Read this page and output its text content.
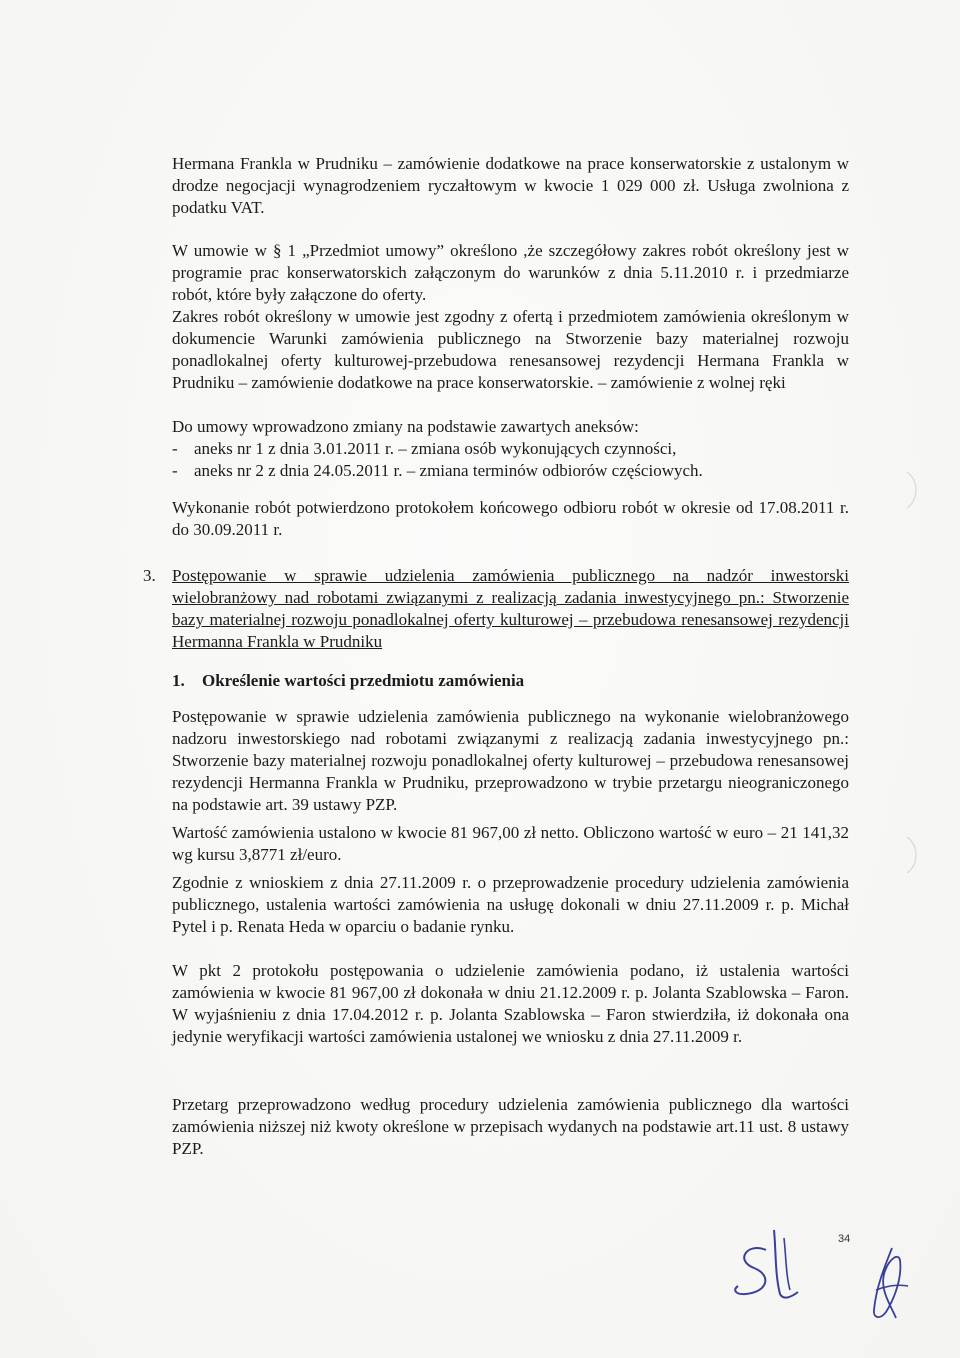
Hermana Frankla w Prudniku – zamówienie dodatkowe na prace konserwatorskie z ustalonym w drodze negocjacji wynagrodzeniem ryczałtowym w kwocie 1 029 000 zł. Usługa zwolniona z podatku VAT.

W umowie w § 1 „Przedmiot umowy” określono ,że szczegółowy zakres robót określony jest w programie prac konserwatorskich załączonym do warunków z dnia 5.11.2010 r. i przedmiarze robót, które były załączone do oferty.

Zakres robót określony w umowie jest zgodny z ofertą i przedmiotem zamówienia określonym w dokumencie Warunki zamówienia publicznego na Stworzenie bazy materialnej rozwoju ponadlokalnej oferty kulturowej-przebudowa renesansowej rezydencji Hermana Frankla w Prudniku – zamówienie dodatkowe na prace konserwatorskie. – zamówienie z wolnej ręki

Do umowy wprowadzono zmiany na podstawie zawartych aneksów:

- aneks nr 1 z dnia 3.01.2011 r. – zmiana osób wykonujących czynności,
- aneks nr 2 z dnia 24.05.2011 r. – zmiana terminów odbiorów częściowych.

Wykonanie robót potwierdzono protokołem końcowego odbioru robót w okresie od 17.08.2011 r. do 30.09.2011 r.

3. Postępowanie w sprawie udzielenia zamówienia publicznego na nadzór inwestorski wielobranżowy nad robotami związanymi z realizacją zadania inwestycyjnego pn.: Stworzenie bazy materialnej rozwoju ponadlokalnej oferty kulturowej – przebudowa renesansowej rezydencji Hermanna Frankla w Prudniku

1. Określenie wartości przedmiotu zamówienia

Postępowanie w sprawie udzielenia zamówienia publicznego na wykonanie wielobranżowego nadzoru inwestorskiego nad robotami związanymi z realizacją zadania inwestycyjnego pn.: Stworzenie bazy materialnej rozwoju ponadlokalnej oferty kulturowej – przebudowa renesansowej rezydencji Hermanna Frankla w Prudniku, przeprowadzono w trybie przetargu nieograniczonego na podstawie art. 39 ustawy PZP.

Wartość zamówienia ustalono w kwocie 81 967,00 zł netto. Obliczono wartość w euro – 21 141,32 wg kursu 3,8771 zł/euro.

Zgodnie z wnioskiem z dnia 27.11.2009 r. o przeprowadzenie procedury udzielenia zamówienia publicznego, ustalenia wartości zamówienia na usługę dokonali w dniu 27.11.2009 r. p. Michał Pytel i p. Renata Heda w oparciu o badanie rynku.

W pkt 2 protokołu postępowania o udzielenie zamówienia podano, iż ustalenia wartości zamówienia w kwocie 81 967,00 zł dokonała w dniu 21.12.2009 r. p. Jolanta Szablowska – Faron. W wyjaśnieniu z dnia 17.04.2012 r. p. Jolanta Szablowska – Faron stwierdziła, iż dokonała ona jedynie weryfikacji wartości zamówienia ustalonej we wniosku z dnia 27.11.2009 r.

Przetarg przeprowadzono według procedury udzielenia zamówienia publicznego dla wartości zamówienia niższej niż kwoty określone w przepisach wydanych na podstawie art.11 ust. 8 ustawy PZP.

34
